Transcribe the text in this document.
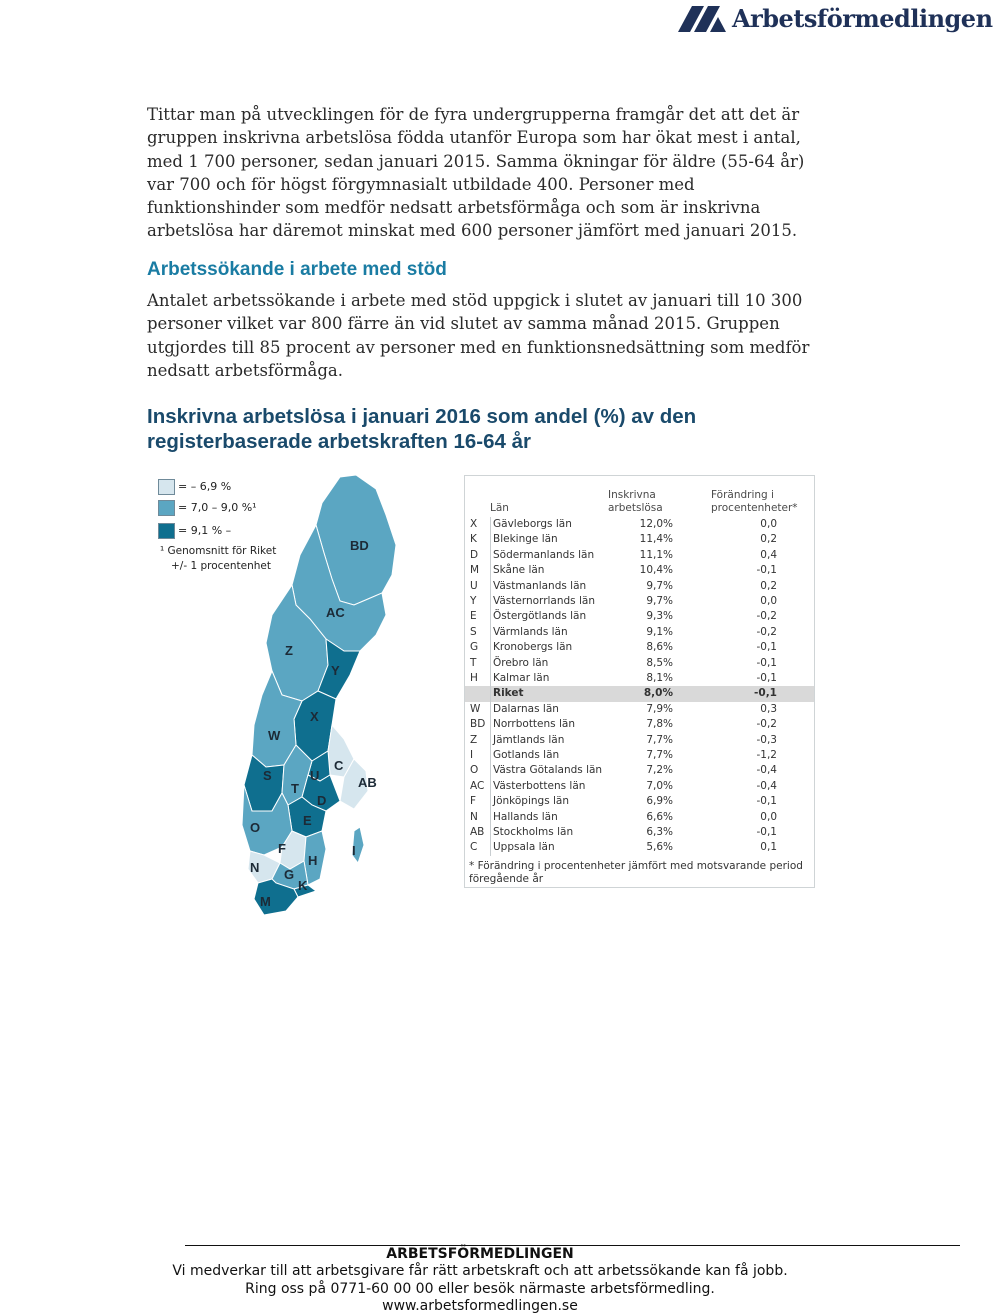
Arbetsförmedlingen
Tittar man på utvecklingen för de fyra undergrupperna framgår det att det är gruppen inskrivna arbetslösa födda utanför Europa som har ökat mest i antal, med 1 700 personer, sedan januari 2015. Samma ökningar för äldre (55-64 år) var 700 och för högst förgymnasialt utbildade 400. Personer med funktionshinder som medför nedsatt arbetsförmåga och som är inskrivna arbetslösa har däremot minskat med 600 personer jämfört med januari 2015.
Arbetssökande i arbete med stöd
Antalet arbetssökande i arbete med stöd uppgick i slutet av januari till 10 300 personer vilket var 800 färre än vid slutet av samma månad 2015. Gruppen utgjordes till 85 procent av personer med en funktionsnedsättning som medför nedsatt arbetsförmåga.
Inskrivna arbetslösa i januari 2016 som andel (%) av den registerbaserade arbetskraften 16-64 år
= – 6,9 %
= 7,0 – 9,0 %¹
= 9,1 % –
¹ Genomsnitt för Riket
+/- 1 procentenhet
BD
AC
Z
Y
X
W
C
S	U
T	AB
D
O	E
F
H
I
N G
K
M
Län
Inskrivna arbetslösa
Förändring i procentenheter*
X Gävleborgs län	12,0%	0,0
K Blekinge län	11,4%	0,2
D Södermanlands län	11,1%	0,4
M Skåne län	10,4%	-0,1
U Västmanlands län	9,7%	0,2
Y Västernorrlands län	9,7%	0,0
E Östergötlands län	9,3%	-0,2
S Värmlands län	9,1%	-0,2
G Kronobergs län	8,6%	-0,1
T Örebro län	8,5%	-0,1
H Kalmar län	8,1%	-0,1
Riket	8,0%	-0,1
W Dalarnas län	7,9%	0,3
BD Norrbottens län	7,8%	-0,2
Z Jämtlands län	7,7%	-0,3
I Gotlands län	7,7%	-1,2
O Västra Götalands län	7,2%	-0,4
AC Västerbottens län	7,0%	-0,4
F Jönköpings län	6,9%	-0,1
N Hallands län	6,6%	0,0
AB Stockholms län	6,3%	-0,1
C Uppsala län	5,6%	0,1
* Förändring i procentenheter jämfört med motsvarande period föregående år
ARBETSFÖRMEDLINGEN
Vi medverkar till att arbetsgivare får rätt arbetskraft och att arbetssökande kan få jobb.
Ring oss på 0771-60 00 00 eller besök närmaste arbetsförmedling.
www.arbetsformedlingen.se
